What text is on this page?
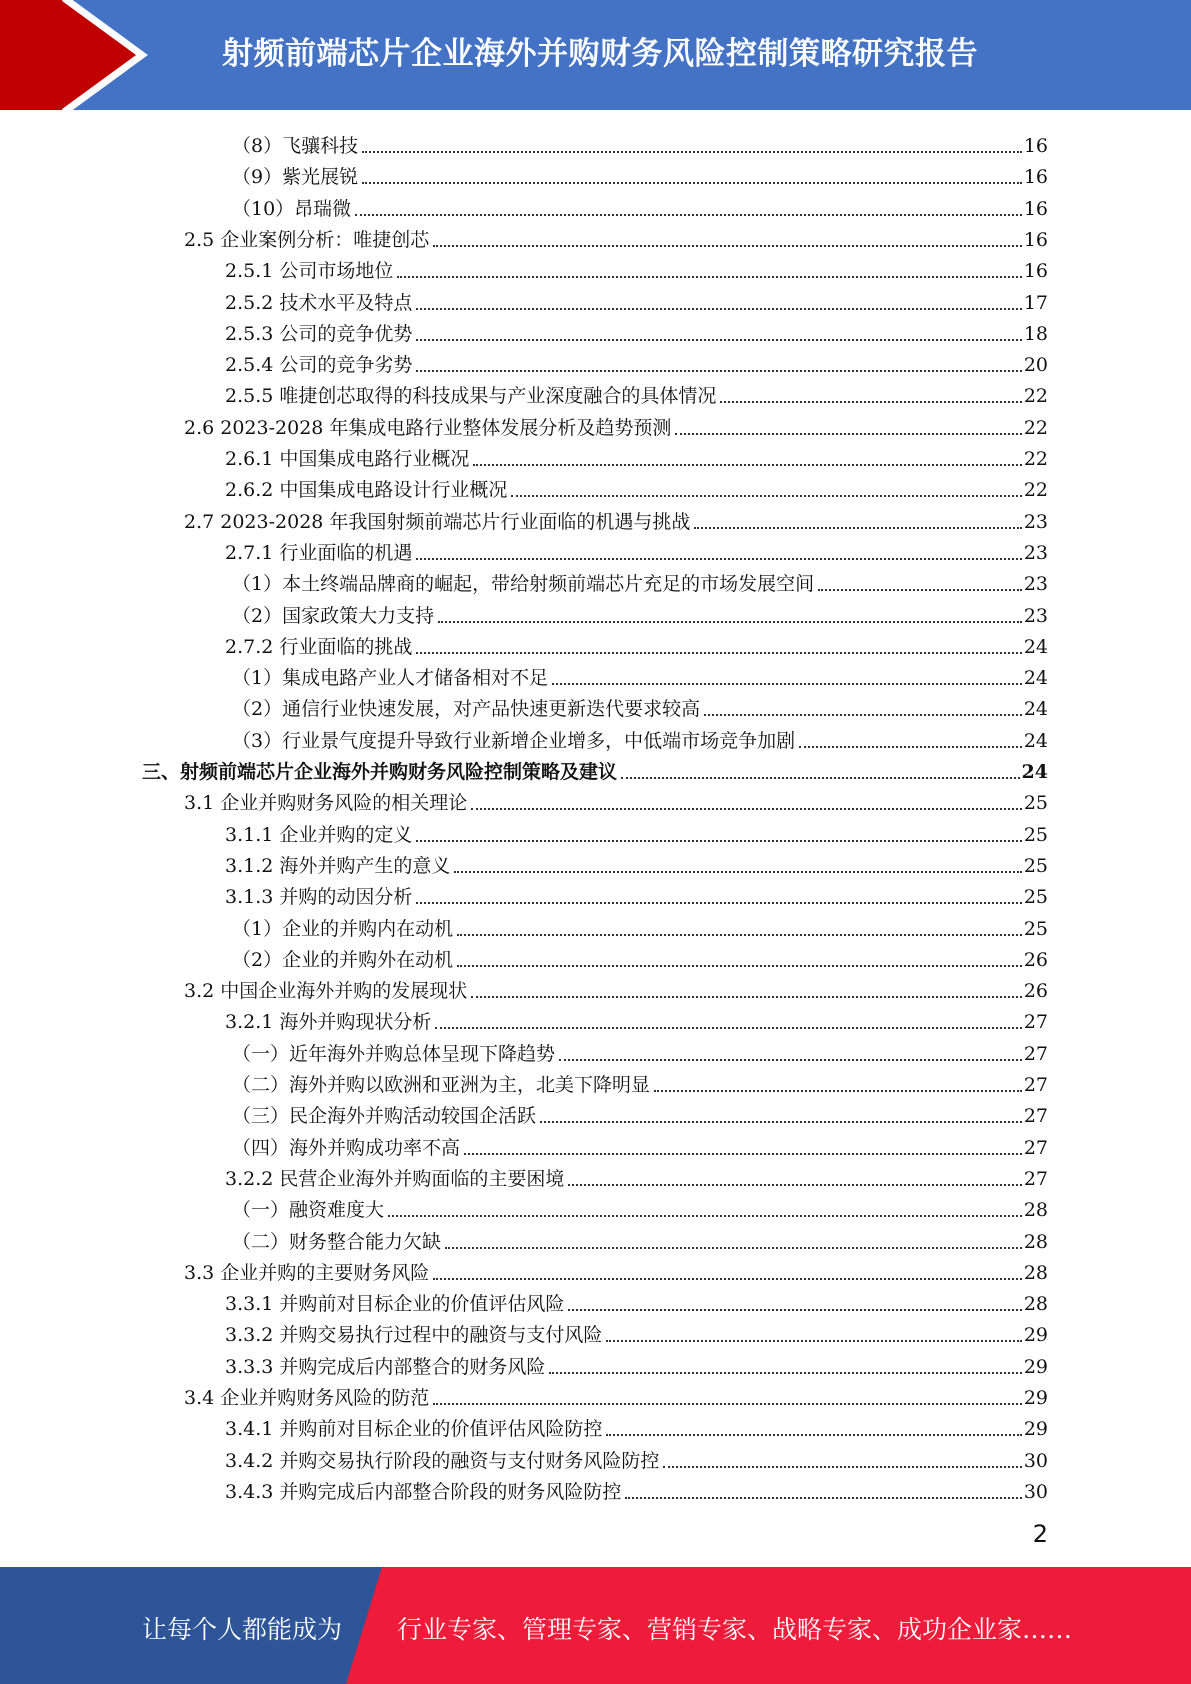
射频前端芯片企业海外并购财务风险控制策略研究报告
（8）飞骧科技	16
（9）紫光展锐	16
（10）昂瑞微	16
2.5 企业案例分析：唯捷创芯	16
2.5.1 公司市场地位	16
2.5.2 技术水平及特点	17
2.5.3 公司的竞争优势	18
2.5.4 公司的竞争劣势	20
2.5.5 唯捷创芯取得的科技成果与产业深度融合的具体情况	22
2.6 2023-2028 年集成电路行业整体发展分析及趋势预测	22
2.6.1 中国集成电路行业概况	22
2.6.2 中国集成电路设计行业概况	22
2.7 2023-2028 年我国射频前端芯片行业面临的机遇与挑战	23
2.7.1 行业面临的机遇	23
（1）本土终端品牌商的崛起，带给射频前端芯片充足的市场发展空间	23
（2）国家政策大力支持	23
2.7.2 行业面临的挑战	24
（1）集成电路产业人才储备相对不足	24
（2）通信行业快速发展，对产品快速更新迭代要求较高	24
（3）行业景气度提升导致行业新增企业增多，中低端市场竞争加剧	24
三、射频前端芯片企业海外并购财务风险控制策略及建议	24
3.1 企业并购财务风险的相关理论	25
3.1.1 企业并购的定义	25
3.1.2 海外并购产生的意义	25
3.1.3 并购的动因分析	25
（1）企业的并购内在动机	25
（2）企业的并购外在动机	26
3.2 中国企业海外并购的发展现状	26
3.2.1 海外并购现状分析	27
（一）近年海外并购总体呈现下降趋势	27
（二）海外并购以欧洲和亚洲为主，北美下降明显	27
（三）民企海外并购活动较国企活跃	27
（四）海外并购成功率不高	27
3.2.2 民营企业海外并购面临的主要困境	27
（一）融资难度大	28
（二）财务整合能力欠缺	28
3.3 企业并购的主要财务风险	28
3.3.1 并购前对目标企业的价值评估风险	28
3.3.2 并购交易执行过程中的融资与支付风险	29
3.3.3 并购完成后内部整合的财务风险	29
3.4 企业并购财务风险的防范	29
3.4.1 并购前对目标企业的价值评估风险防控	29
3.4.2 并购交易执行阶段的融资与支付财务风险防控	30
3.4.3 并购完成后内部整合阶段的财务风险防控	30
2
让每个人都能成为 行业专家、管理专家、营销专家、战略专家、成功企业家……
